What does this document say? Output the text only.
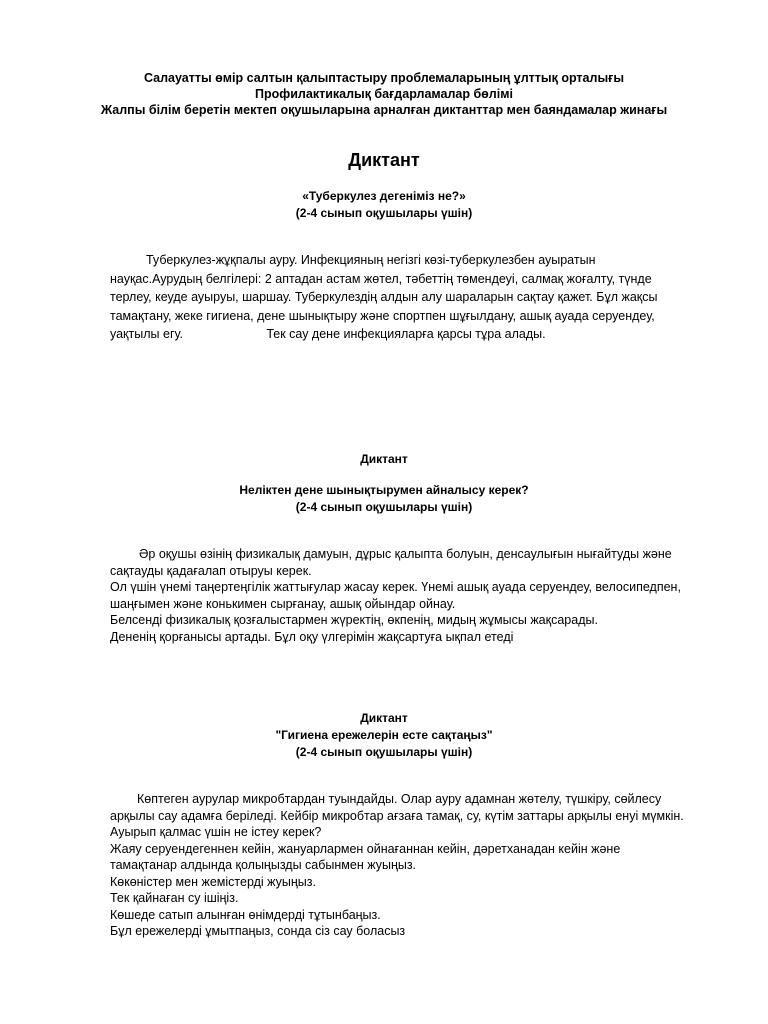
Салауатты өмір салтын қалыптастыру проблемаларының ұлттық орталығы
Профилактикалық бағдарламалар бөлімі
Жалпы білім беретін мектеп оқушыларына арналған диктанттар мен баяндамалар жинағы
Диктант
«Туберкулез дегеніміз не?»
(2-4 сынып оқушылары үшін)

Туберкулез-жұқпалы ауру. Инфекцияның негізгі көзі-туберкулезбен ауыратын

науқас.Аурудың белгілері: 2 аптадан астам жөтел, тәбеттің төмендеуі, салмақ жоғалту, түнде

терлеу, кеуде ауыруы, шаршау. Туберкулездің алдын алу шараларын сақтау қажет. Бұл жақсы

тамақтану, жеке гигиена, дене шынықтыру және спортпен шұғылдану, ашық ауада серуендеу,

уақтылы егу.                        Тек сау дене инфекцияларға қарсы тұра алады.

Диктант
Неліктен дене шынықтырумен айналысу керек?
(2-4 сынып оқушылары үшін)

Әр оқушы өзінің физикалық дамуын, дұрыс қалыпта болуын, денсаулығын нығайтуды және

сақтауды қадағалап отыруы керек.

Ол үшін үнемі таңертеңгілік жаттығулар жасау керек. Үнемі ашық ауада серуендеу, велосипедпен,

шаңғымен және конькимен сырғанау, ашық ойындар ойнау.

Белсенді физикалық қозғалыстармен жүректің, өкпенің, мидың жұмысы жақсарады.

Дененің қорғанысы артады. Бұл оқу үлгерімін жақсартуға ықпал етеді

Диктант
"Гигиена ережелерін есте сақтаңыз"
(2-4 сынып оқушылары үшін)

Көптеген аурулар микробтардан туындайды. Олар ауру адамнан жөтелу, түшкіру, сөйлесу

арқылы сау адамға беріледі. Кейбір микробтар ағзаға тамақ, су, күтім заттары арқылы енуі мүмкін.

Ауырып қалмас үшін не істеу керек?

Жаяу серуендегеннен кейін, жануарлармен ойнағаннан кейін, дәретханадан кейін және

тамақтанар алдында қолыңызды сабынмен жуыңыз.

Көкөністер мен жемістерді жуыңыз.

Тек қайнаған су ішіңіз.

Көшеде сатып алынған өнімдерді тұтынбаңыз.

Бұл ережелерді ұмытпаңыз, сонда сіз сау боласыз
